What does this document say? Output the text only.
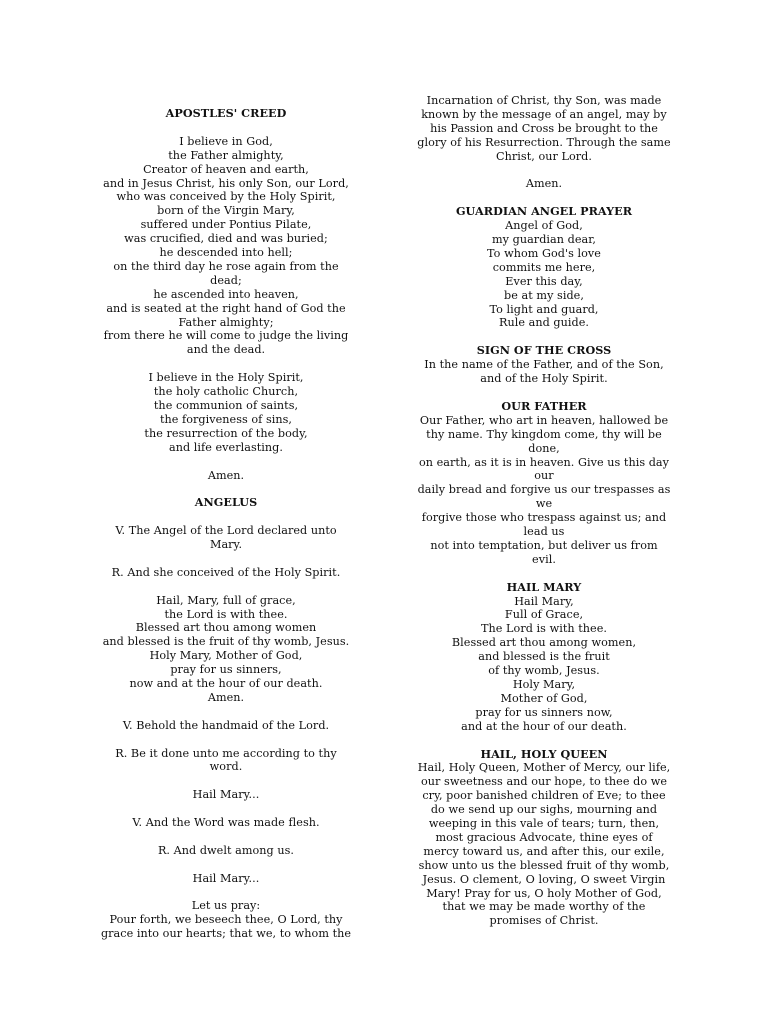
APOSTLES' CREED
I believe in God,
the Father almighty,
Creator of heaven and earth,
and in Jesus Christ, his only Son, our Lord,
who was conceived by the Holy Spirit,
born of the Virgin Mary,
suffered under Pontius Pilate,
was crucified, died and was buried;
he descended into hell;
on the third day he rose again from the
dead;
he ascended into heaven,
and is seated at the right hand of God the
Father almighty;
from there he will come to judge the living
and the dead.
I believe in the Holy Spirit,
the holy catholic Church,
the communion of saints,
the forgiveness of sins,
the resurrection of the body,
and life everlasting.
Amen.
ANGELUS
V. The Angel of the Lord declared unto
Mary.
R. And she conceived of the Holy Spirit.
Hail, Mary, full of grace,
the Lord is with thee.
Blessed art thou among women
and blessed is the fruit of thy womb, Jesus.
Holy Mary, Mother of God,
pray for us sinners,
now and at the hour of our death.
Amen.
V. Behold the handmaid of the Lord.
R. Be it done unto me according to thy
word.
Hail Mary...
V. And the Word was made flesh.
R. And dwelt among us.
Hail Mary...
Let us pray:
Pour forth, we beseech thee, O Lord, thy
grace into our hearts; that we, to whom the
Incarnation of Christ, thy Son, was made
known by the message of an angel, may by
his Passion and Cross be brought to the
glory of his Resurrection. Through the same
Christ, our Lord.
Amen.
GUARDIAN ANGEL PRAYER
Angel of God,
my guardian dear,
To whom God's love
commits me here,
Ever this day,
be at my side,
To light and guard,
Rule and guide.
SIGN OF THE CROSS
In the name of the Father, and of the Son,
and of the Holy Spirit.
OUR FATHER
Our Father, who art in heaven, hallowed be
thy name. Thy kingdom come, thy will be
done,
on earth, as it is in heaven. Give us this day
our
daily bread and forgive us our trespasses as
we
forgive those who trespass against us; and
lead us
not into temptation, but deliver us from
evil.
HAIL MARY
Hail Mary,
Full of Grace,
The Lord is with thee.
Blessed art thou among women,
and blessed is the fruit
of thy womb, Jesus.
Holy Mary,
Mother of God,
pray for us sinners now,
and at the hour of our death.
HAIL, HOLY QUEEN
Hail, Holy Queen, Mother of Mercy, our life,
our sweetness and our hope, to thee do we
cry, poor banished children of Eve; to thee
do we send up our sighs, mourning and
weeping in this vale of tears; turn, then,
most gracious Advocate, thine eyes of
mercy toward us, and after this, our exile,
show unto us the blessed fruit of thy womb,
Jesus. O clement, O loving, O sweet Virgin
Mary! Pray for us, O holy Mother of God,
that we may be made worthy of the
promises of Christ.
